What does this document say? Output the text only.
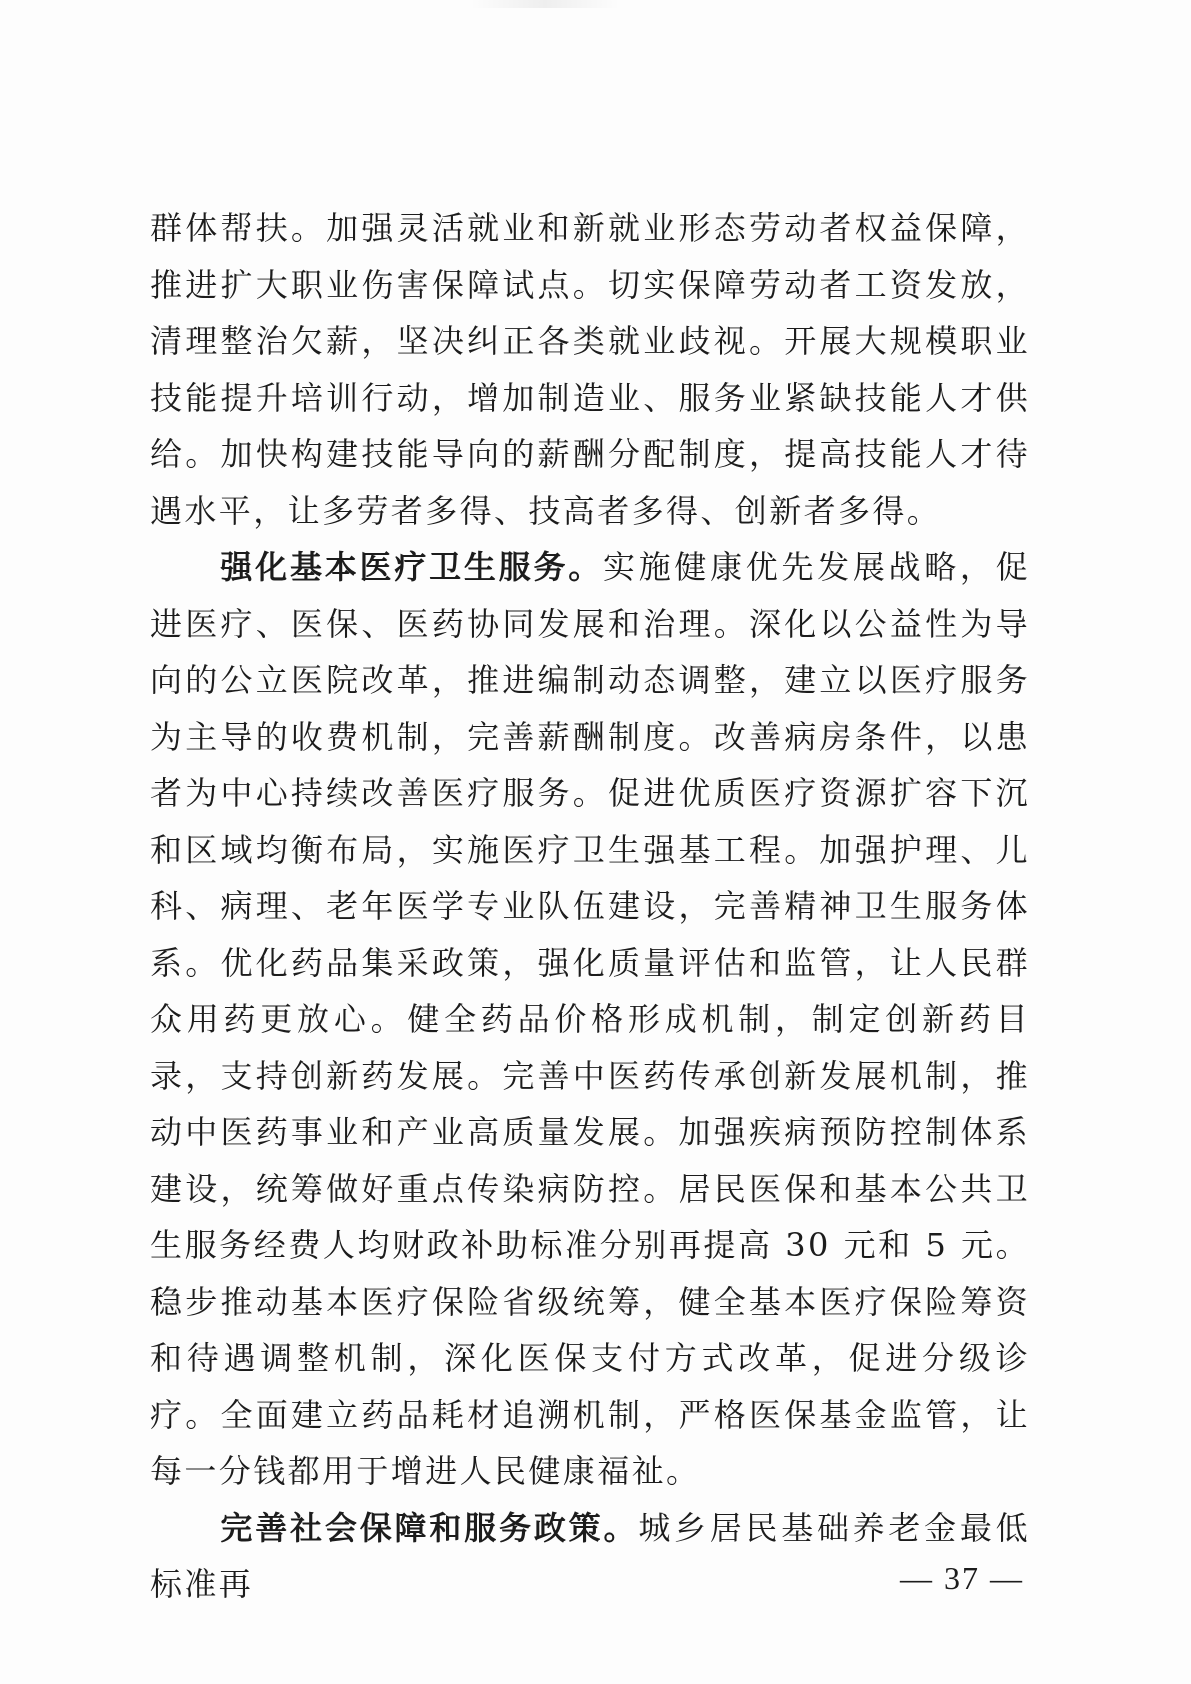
群体帮扶。加强灵活就业和新就业形态劳动者权益保障，推进扩大职业伤害保障试点。切实保障劳动者工资发放，清理整治欠薪，坚决纠正各类就业歧视。开展大规模职业技能提升培训行动，增加制造业、服务业紧缺技能人才供给。加快构建技能导向的薪酬分配制度，提高技能人才待遇水平，让多劳者多得、技高者多得、创新者多得。

强化基本医疗卫生服务。实施健康优先发展战略，促进医疗、医保、医药协同发展和治理。深化以公益性为导向的公立医院改革，推进编制动态调整，建立以医疗服务为主导的收费机制，完善薪酬制度。改善病房条件，以患者为中心持续改善医疗服务。促进优质医疗资源扩容下沉和区域均衡布局，实施医疗卫生强基工程。加强护理、儿科、病理、老年医学专业队伍建设，完善精神卫生服务体系。优化药品集采政策，强化质量评估和监管，让人民群众用药更放心。健全药品价格形成机制，制定创新药目录，支持创新药发展。完善中医药传承创新发展机制，推动中医药事业和产业高质量发展。加强疾病预防控制体系建设，统筹做好重点传染病防控。居民医保和基本公共卫生服务经费人均财政补助标准分别再提高 30 元和 5 元。稳步推动基本医疗保险省级统筹，健全基本医疗保险筹资和待遇调整机制，深化医保支付方式改革，促进分级诊疗。全面建立药品耗材追溯机制，严格医保基金监管，让每一分钱都用于增进人民健康福祉。

完善社会保障和服务政策。城乡居民基础养老金最低标准再	— 37 —
